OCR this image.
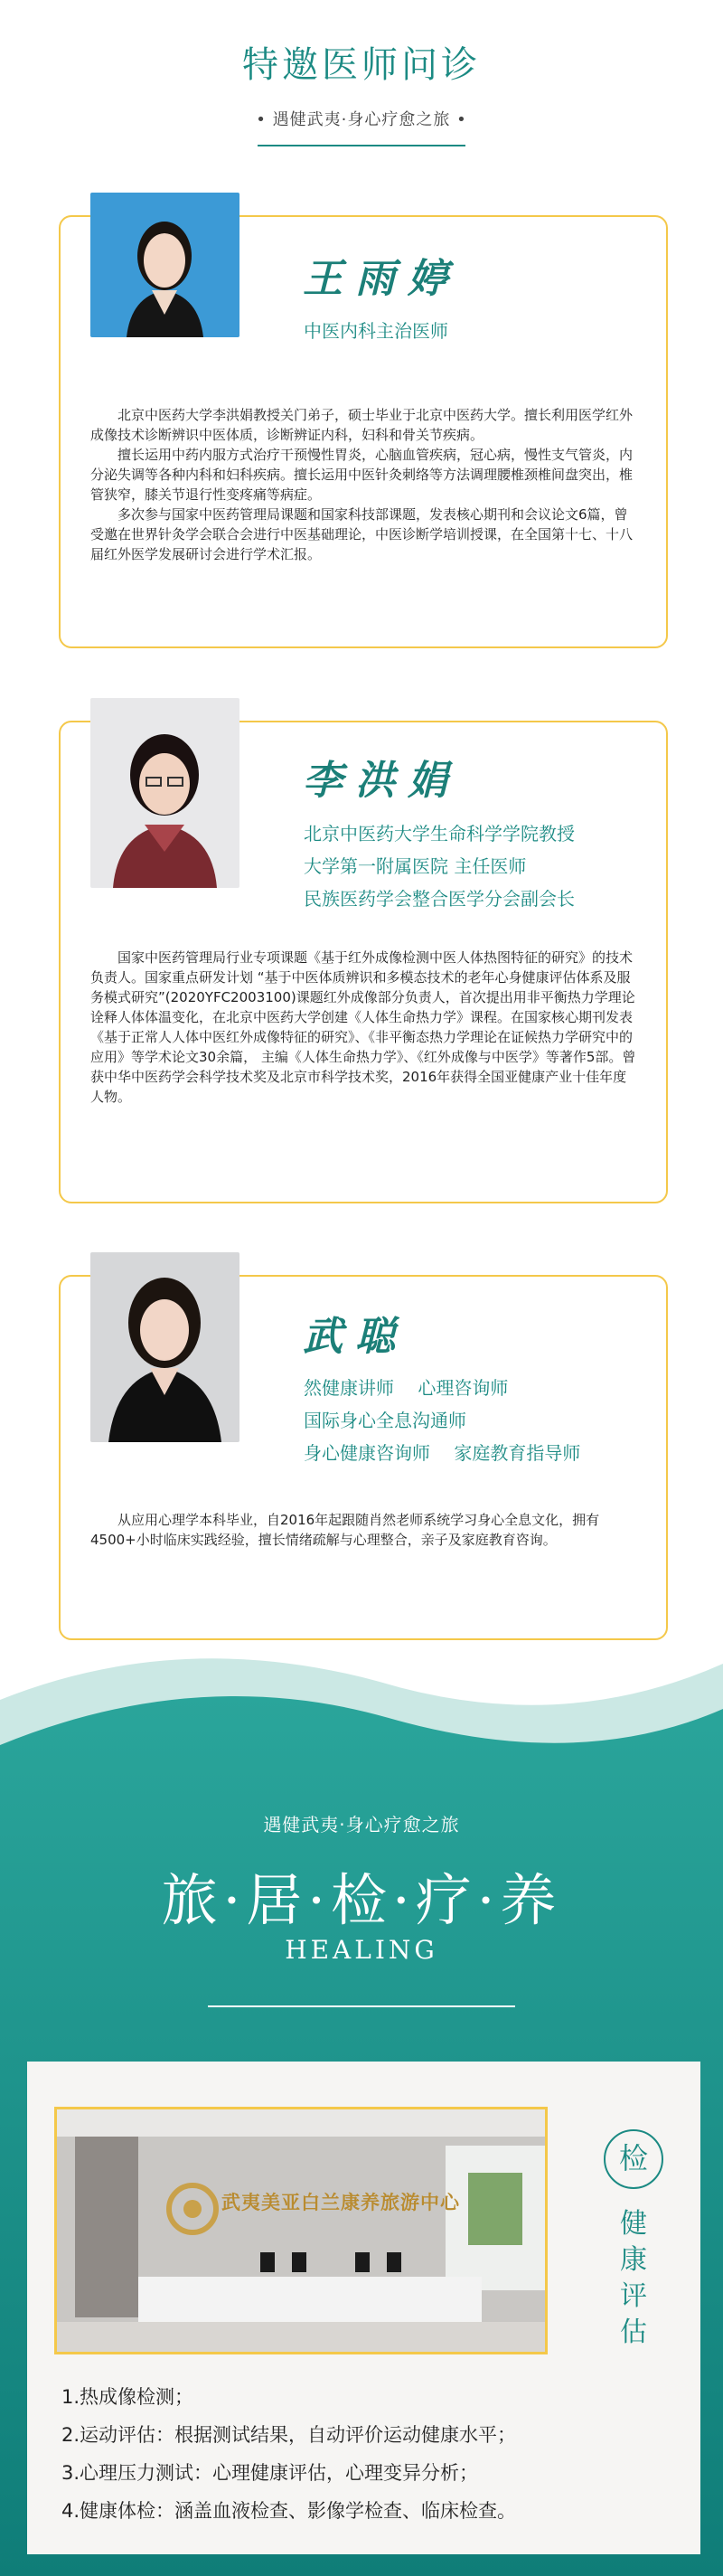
特邀医师问诊
• 遇健武夷·身心疗愈之旅 •
王雨婷
中医内科主治医师

北京中医药大学李洪娟教授关门弟子，硕士毕业于北京中医药大学。擅长利用医学红外成像技术诊断辨识中医体质，诊断辨证内科，妇科和骨关节疾病。

擅长运用中药内服方式治疗干预慢性胃炎，心脑血管疾病，冠心病，慢性支气管炎，内分泌失调等各种内科和妇科疾病。擅长运用中医针灸刺络等方法调理腰椎颈椎间盘突出，椎管狭窄，膝关节退行性变疼痛等病症。

多次参与国家中医药管理局课题和国家科技部课题，发表核心期刊和会议论文6篇，曾受邀在世界针灸学会联合会进行中医基础理论，中医诊断学培训授课，在全国第十七、十八届红外医学发展研讨会进行学术汇报。

李洪娟
北京中医药大学生命科学学院教授
大学第一附属医院 主任医师
民族医药学会整合医学分会副会长

国家中医药管理局行业专项课题《基于红外成像检测中医人体热图特征的研究》的技术负责人。国家重点研发计划 “基于中医体质辨识和多模态技术的老年心身健康评估体系及服务模式研究”(2020YFC2003100)课题红外成像部分负责人，首次提出用非平衡热力学理论诠释人体体温变化，在北京中医药大学创建《人体生命热力学》课程。在国家核心期刊发表《基于正常人人体中医红外成像特征的研究》、《非平衡态热力学理论在证候热力学研究中的应用》等学术论文30余篇， 主编《人体生命热力学》、《红外成像与中医学》等著作5部。曾获中华中医药学会科学技术奖及北京市科学技术奖，2016年获得全国亚健康产业十佳年度人物。

武聪
然健康讲师　 心理咨询师
国际身心全息沟通师
身心健康咨询师　 家庭教育指导师

从应用心理学本科毕业，自2016年起跟随肖然老师系统学习身心全息文化，拥有4500+小时临床实践经验，擅长情绪疏解与心理整合，亲子及家庭教育咨询。

遇健武夷·身心疗愈之旅
旅·居·检·疗·养
HEALING
武夷美亚白兰康养旅游中心
检
健康评估
1.热成像检测；
2.运动评估：根据测试结果，自动评价运动健康水平；
3.心理压力测试：心理健康评估，心理变异分析；
4.健康体检：涵盖血液检查、影像学检查、临床检查。
